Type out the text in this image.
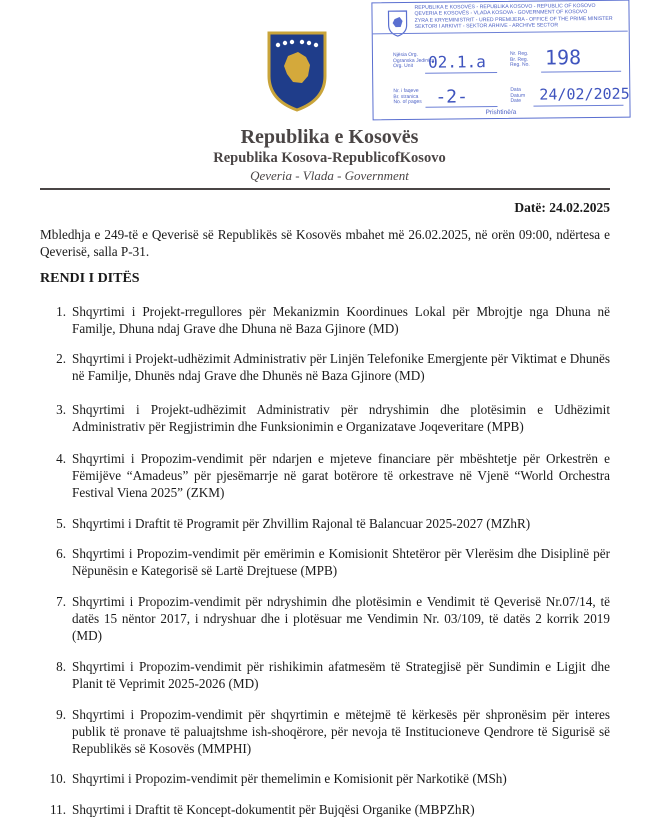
REPUBLIKA E KOSOVËS - REPUBLIKA KOSOVO - REPUBLIC OF KOSOVO
QEVERIA E KOSOVËS - VLADA KOSOVA - GOVERNMENT OF KOSOVO
ZYRA E KRYEMINISTRIT - URED PREMIJERA - OFFICE OF THE PRIME MINISTER
SEKTORI I ARKIVIT - SEKTOR ARHIVE - ARCHIVE SECTOR
Njësia Org.
Ogranska Jedinica
Org. Unit 02.1.a	Nr. Reg.
Br. Reg.
Reg. No. 198
Nr. i faqeve
Br. stranica
No. of pages -2-	Data
Datum
Date 24/02/2025
Prishtinë/a
Republika e Kosovës
Republika Kosova-RepublicofKosovo
Qeveria - Vlada - Government
Datë: 24.02.2025
Mbledhja e 249-të e Qeverisë së Republikës së Kosovës mbahet më 26.02.2025, në orën 09:00, ndërtesa e Qeverisë, salla P-31.
RENDI I DITËS
1. Shqyrtimi i Projekt-rregullores për Mekanizmin Koordinues Lokal për Mbrojtje nga Dhuna në Familje, Dhuna ndaj Grave dhe Dhuna në Baza Gjinore (MD)
2. Shqyrtimi i Projekt-udhëzimit Administrativ për Linjën Telefonike Emergjente për Viktimat e Dhunës në Familje, Dhunës ndaj Grave dhe Dhunës në Baza Gjinore (MD)
3. Shqyrtimi i Projekt-udhëzimit Administrativ për ndryshimin dhe plotësimin e Udhëzimit Administrativ për Regjistrimin dhe Funksionimin e Organizatave Joqeveritare (MPB)
4. Shqyrtimi i Propozim-vendimit për ndarjen e mjeteve financiare për mbështetje për Orkestrën e Fëmijëve “Amadeus” për pjesëmarrje në garat botërore të orkestrave në Vjenë “World Orchestra Festival Viena 2025” (ZKM)
5. Shqyrtimi i Draftit të Programit për Zhvillim Rajonal të Balancuar 2025-2027 (MZhR)
6. Shqyrtimi i Propozim-vendimit për emërimin e Komisionit Shtetëror për Vlerësim dhe Disiplinë për Nëpunësin e Kategorisë së Lartë Drejtuese (MPB)
7. Shqyrtimi i Propozim-vendimit për ndryshimin dhe plotësimin e Vendimit të Qeverisë Nr.07/14, të datës 15 nëntor 2017, i ndryshuar dhe i plotësuar me Vendimin Nr. 03/109, të datës 2 korrik 2019 (MD)
8. Shqyrtimi i Propozim-vendimit për rishikimin afatmesëm të Strategjisë për Sundimin e Ligjit dhe Planit të Veprimit 2025-2026 (MD)
9. Shqyrtimi i Propozim-vendimit për shqyrtimin e mëtejmë të kërkesës për shpronësim për interes publik të pronave të paluajtshme ish-shoqërore, për nevoja të Institucioneve Qendrore të Sigurisë së Republikës së Kosovës (MMPHI)
10. Shqyrtimi i Propozim-vendimit për themelimin e Komisionit për Narkotikë (MSh)
11. Shqyrtimi i Draftit të Koncept-dokumentit për Bujqësi Organike (MBPZhR)
